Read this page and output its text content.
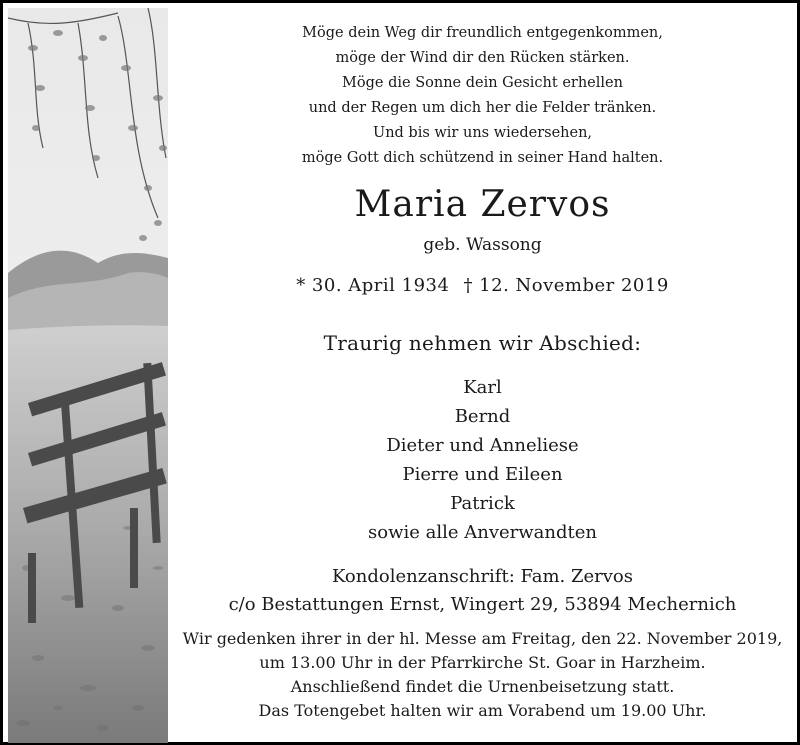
Möge dein Weg dir freundlich entgegenkommen,
möge der Wind dir den Rücken stärken.
Möge die Sonne dein Gesicht erhellen
und der Regen um dich her die Felder tränken.
Und bis wir uns wiedersehen,
möge Gott dich schützend in seiner Hand halten.
Maria Zervos
geb. Wassong
* 30. April 1934 † 12. November 2019
Traurig nehmen wir Abschied:
Karl
Bernd
Dieter und Anneliese
Pierre und Eileen
Patrick
sowie alle Anverwandten
Kondolenzanschrift: Fam. Zervos
c/o Bestattungen Ernst, Wingert 29, 53894 Mechernich
Wir gedenken ihrer in der hl. Messe am Freitag, den 22. November 2019,
um 13.00 Uhr in der Pfarrkirche St. Goar in Harzheim.
Anschließend findet die Urnenbeisetzung statt.
Das Totengebet halten wir am Vorabend um 19.00 Uhr.
